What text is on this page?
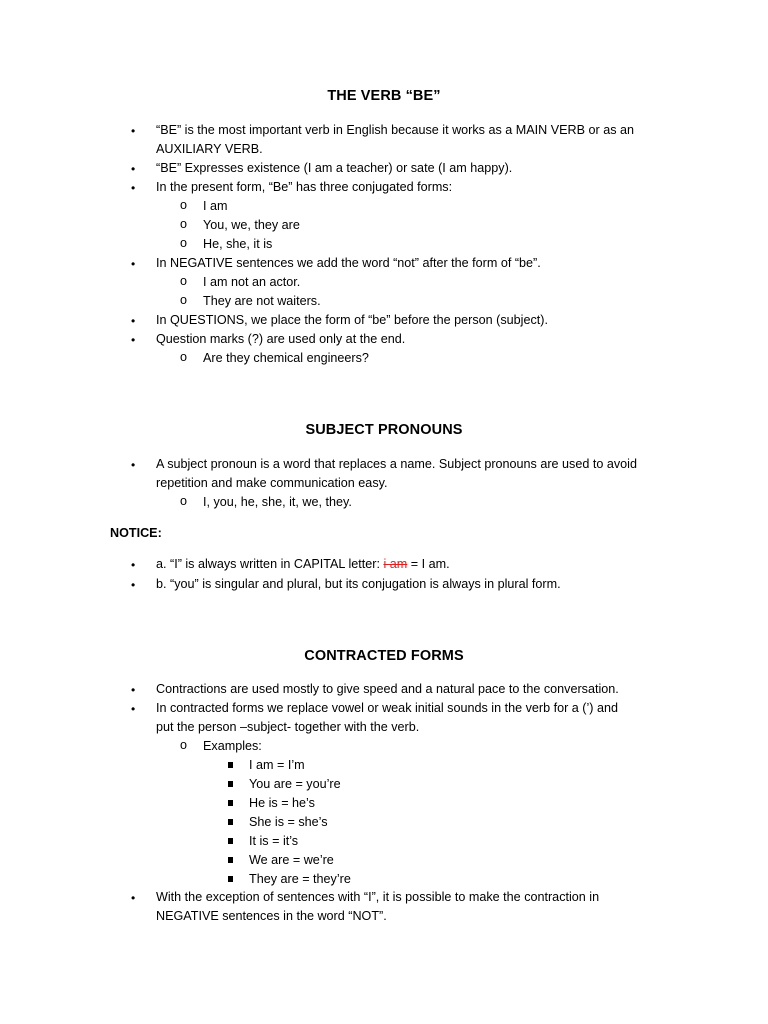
THE VERB “BE”
• “BE” is the most important verb in English because it works as a MAIN VERB or as an
AUXILIARY VERB.
• “BE” Expresses existence (I am a teacher) or sate (I am happy).
• In the present form, “Be” has three conjugated forms:
o I am
o You, we, they are
o He, she, it is
• In NEGATIVE sentences we add the word “not” after the form of “be”.
o I am not an actor.
o They are not waiters.
• In QUESTIONS, we place the form of “be” before the person (subject).
• Question marks (?) are used only at the end.
o Are they chemical engineers?
SUBJECT PRONOUNS
• A subject pronoun is a word that replaces a name. Subject pronouns are used to avoid
repetition and make communication easy.
o I, you, he, she, it, we, they.
NOTICE:
• a. “I” is always written in CAPITAL letter: i am = I am.
• b. “you” is singular and plural, but its conjugation is always in plural form.
CONTRACTED FORMS
• Contractions are used mostly to give speed and a natural pace to the conversation.
• In contracted forms we replace vowel or weak initial sounds in the verb for a (’) and
put the person –subject- together with the verb.
o Examples:
I am = I’m
You are = you’re
He is = he’s
She is = she’s
It is = it’s
We are = we’re
They are = they’re
• With the exception of sentences with “I”, it is possible to make the contraction in
NEGATIVE sentences in the word “NOT”.
